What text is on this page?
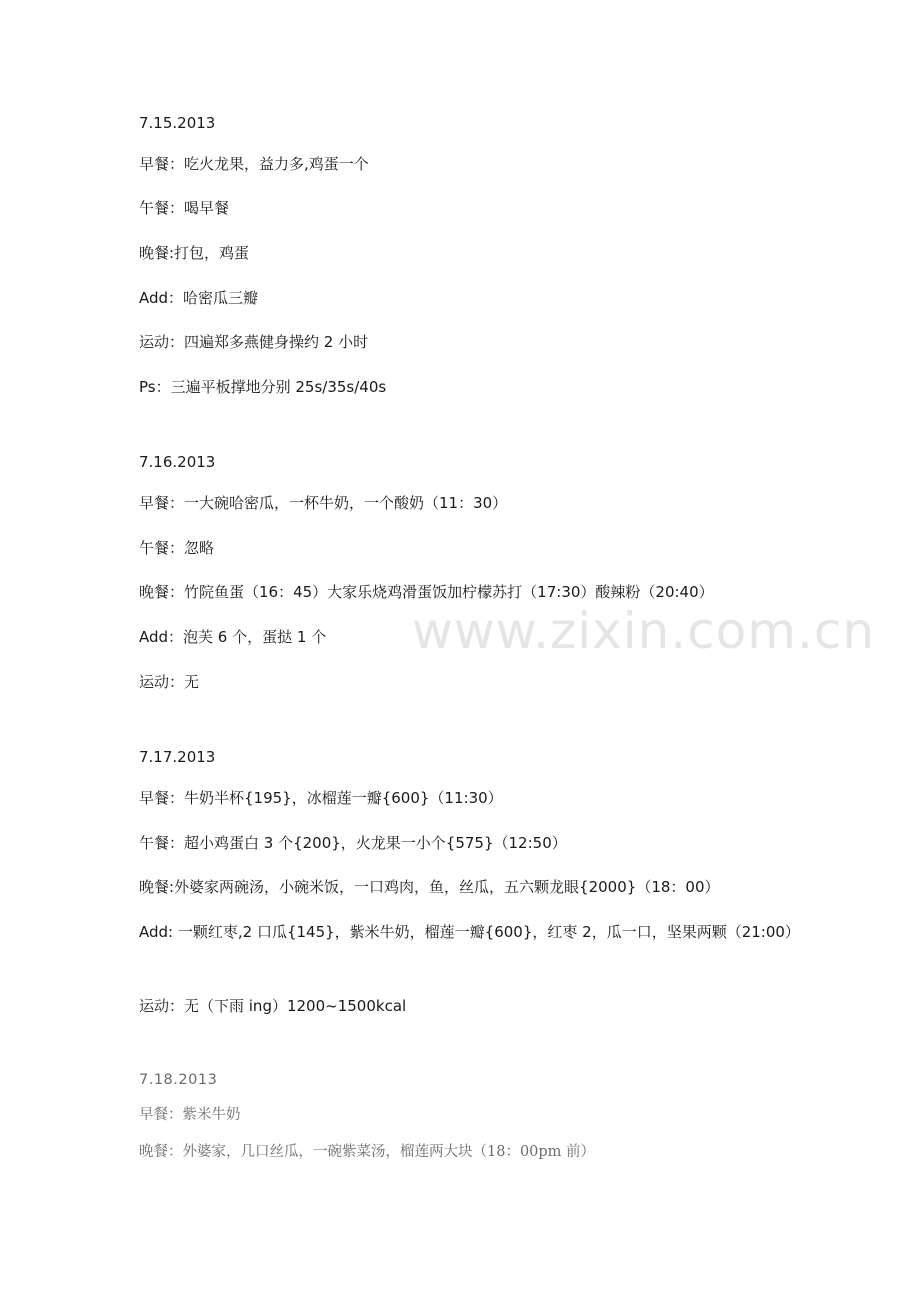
www.zixin.com.cn
7.15.2013
早餐：吃火龙果，益力多,鸡蛋一个
午餐：喝早餐
晚餐:打包，鸡蛋
Add：哈密瓜三瓣
运动：四遍郑多燕健身操约 2 小时
Ps：三遍平板撑地分别 25s/35s/40s
7.16.2013
早餐：一大碗哈密瓜，一杯牛奶，一个酸奶（11：30）
午餐：忽略
晚餐：竹院鱼蛋（16：45）大家乐烧鸡滑蛋饭加柠檬苏打（17:30）酸辣粉（20:40）
Add：泡芙 6 个，蛋挞 1 个
运动：无
7.17.2013
早餐：牛奶半杯{195}，冰榴莲一瓣{600}（11:30）
午餐：超小鸡蛋白 3 个{200}，火龙果一小个{575}（12:50）
晚餐:外婆家两碗汤，小碗米饭，一口鸡肉，鱼，丝瓜，五六颗龙眼{2000}（18：00）
Add: 一颗红枣,2 口瓜{145}，紫米牛奶，榴莲一瓣{600}，红枣 2，瓜一口，坚果两颗（21:00）
运动：无（下雨 ing）1200~1500kcal
7.18.2013
早餐：紫米牛奶
晚餐：外婆家，几口丝瓜，一碗紫菜汤，榴莲两大块（18：00pm 前）
